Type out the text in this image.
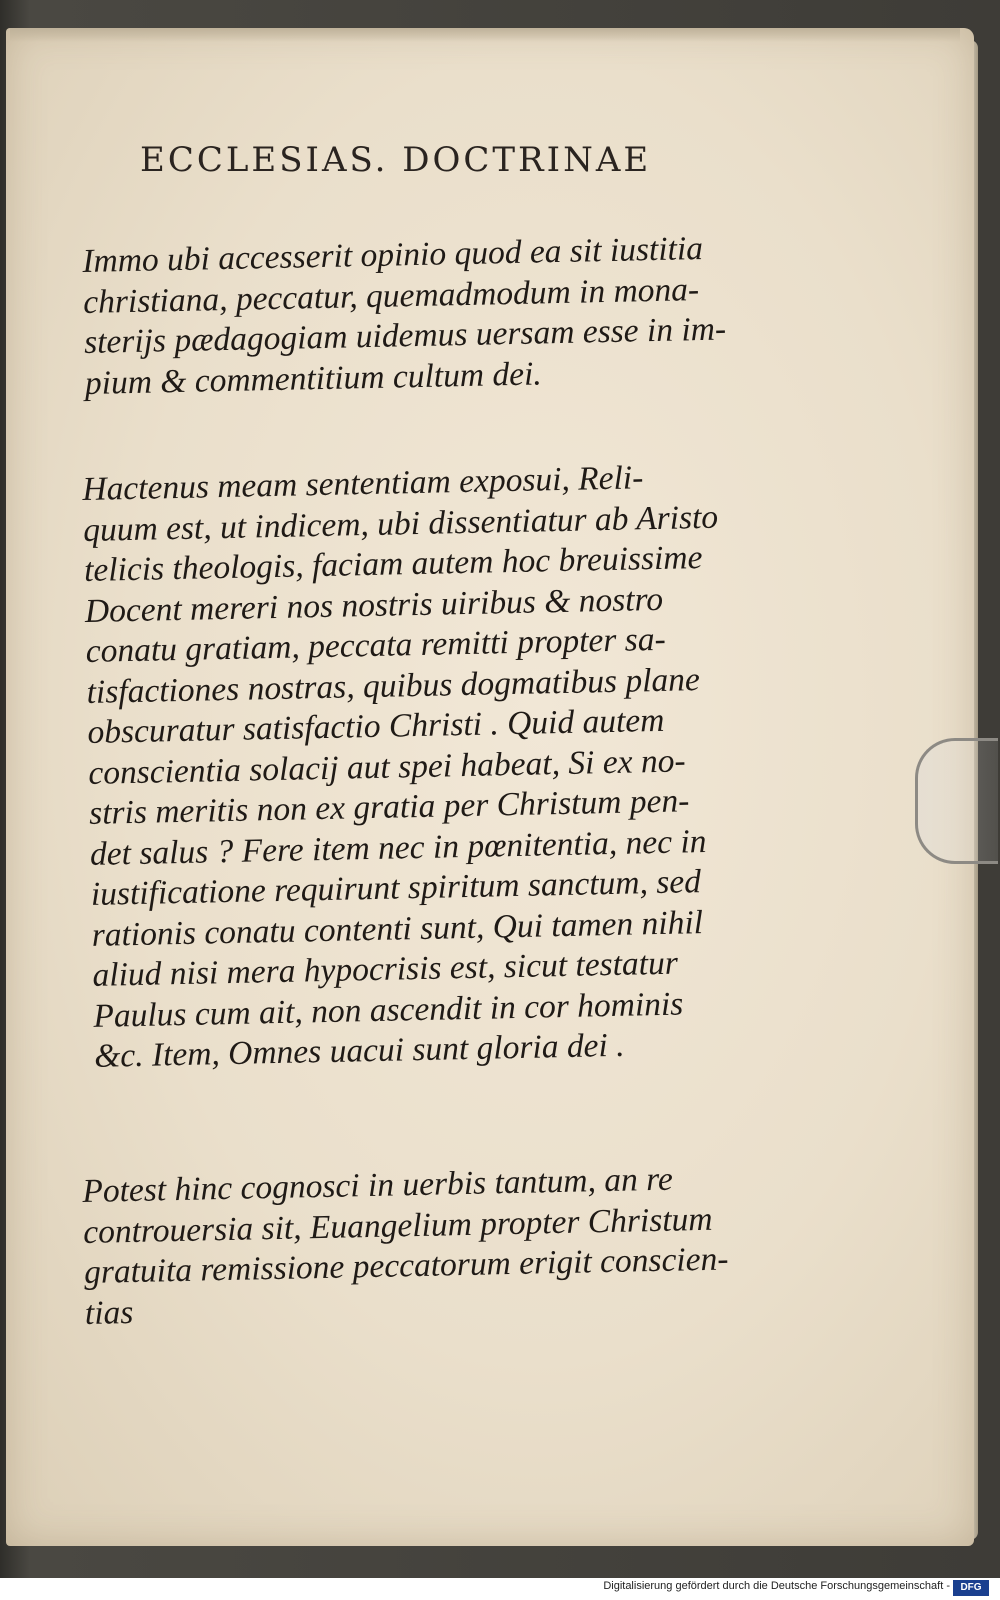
ECCLESIAS. DOCTRINAE
Immo ubi accesserit opinio quod ea sit iustitia
christiana, peccatur, quemadmodum in mona-
sterijs pædagogiam uidemus uersam esse in im-
pium & commentitium cultum dei.
Hactenus meam sententiam exposui, Reli-
quum est, ut indicem, ubi dissentiatur ab Aristo
telicis theologis, faciam autem hoc breuissime
Docent mereri nos nostris uiribus & nostro
conatu gratiam, peccata remitti propter sa-
tisfactiones nostras, quibus dogmatibus plane
obscuratur satisfactio Christi . Quid autem
conscientia solacij aut spei habeat, Si ex no-
stris meritis non ex gratia per Christum pen-
det salus ? Fere item nec in pœnitentia, nec in
iustificatione requirunt spiritum sanctum, sed
rationis conatu contenti sunt, Qui tamen nihil
aliud nisi mera hypocrisis est, sicut testatur
Paulus cum ait, non ascendit in cor hominis
&c. Item, Omnes uacui sunt gloria dei .
Potest hinc cognosci in uerbis tantum, an re
controuersia sit, Euangelium propter Christum
gratuita remissione peccatorum erigit conscien-
tias
Digitalisierung gefördert durch die Deutsche Forschungsgemeinschaft -	DFG
